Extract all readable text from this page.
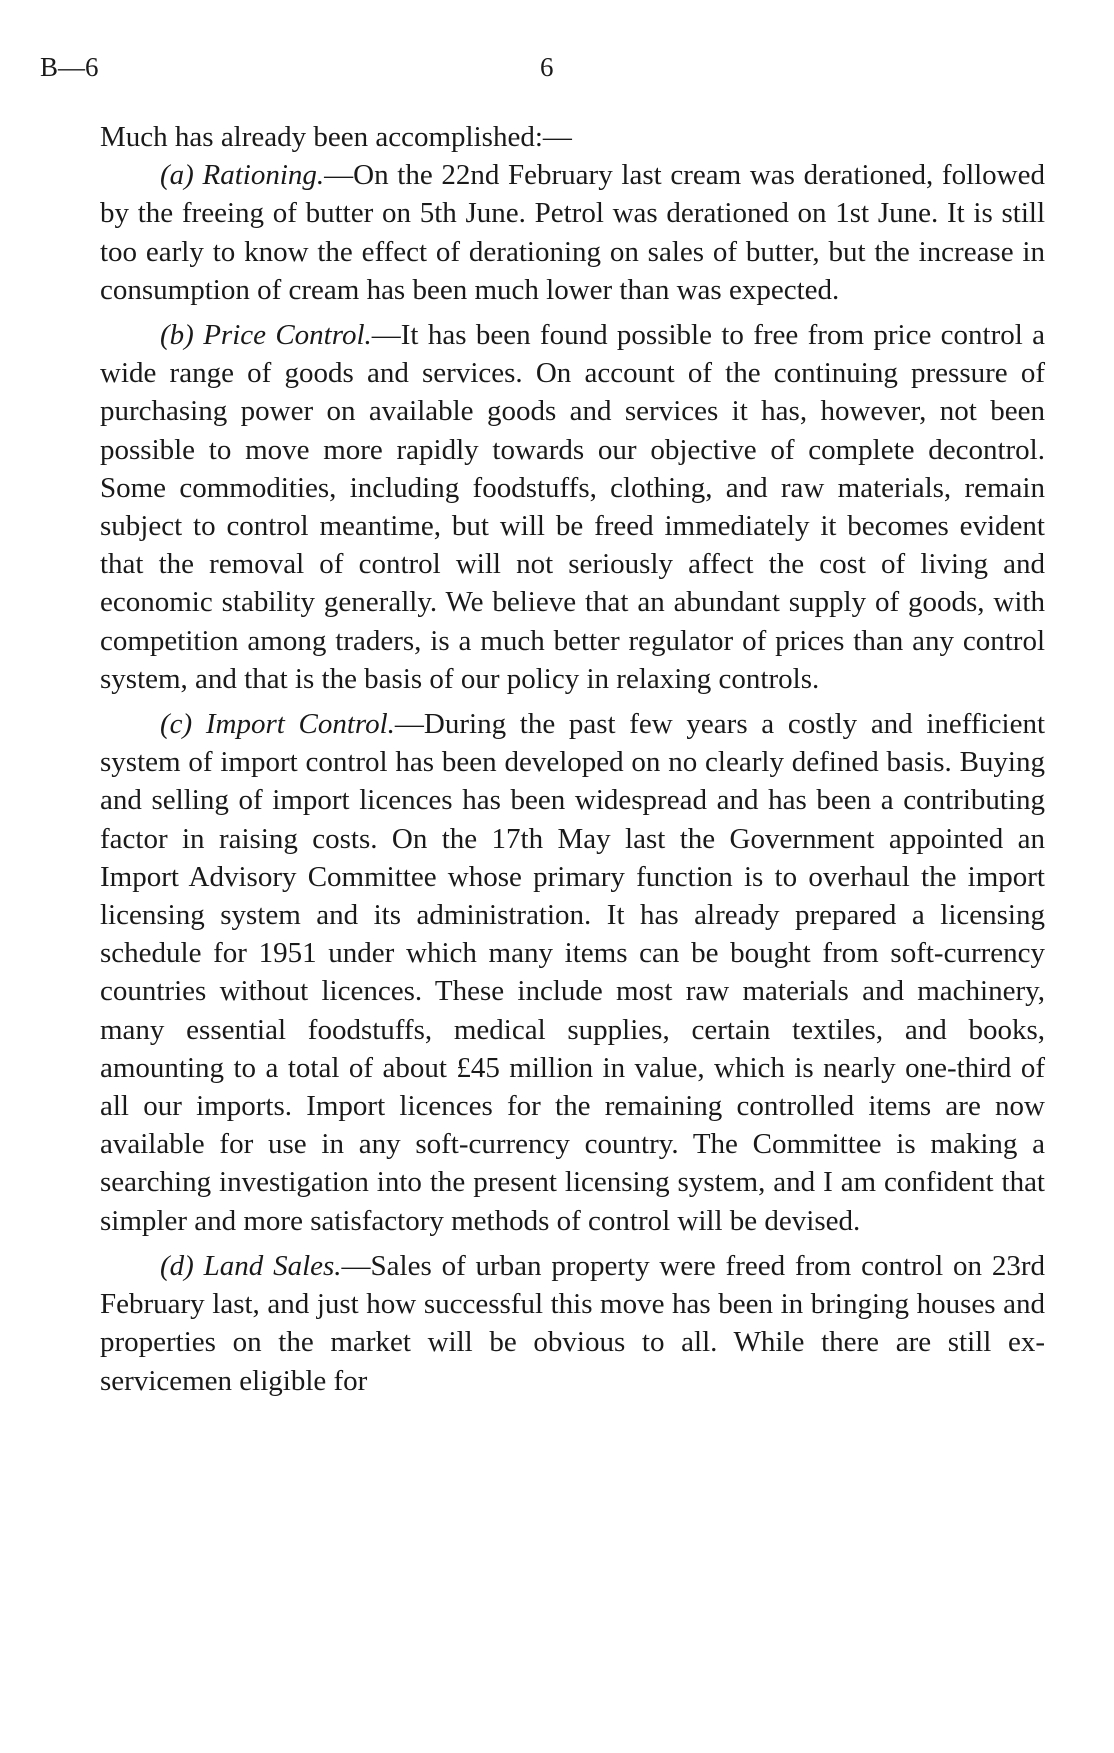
B—6	6

Much has already been accomplished:—

(a) Rationing.—On the 22nd February last cream was derationed, followed by the freeing of butter on 5th June. Petrol was derationed on 1st June. It is still too early to know the effect of derationing on sales of butter, but the increase in consumption of cream has been much lower than was expected.

(b) Price Control.—It has been found possible to free from price control a wide range of goods and services. On account of the continuing pressure of purchasing power on available goods and services it has, however, not been possible to move more rapidly towards our objective of complete decontrol. Some commodities, including foodstuffs, clothing, and raw materials, remain subject to control meantime, but will be freed immediately it becomes evident that the removal of control will not seriously affect the cost of living and economic stability generally. We believe that an abundant supply of goods, with competition among traders, is a much better regulator of prices than any control system, and that is the basis of our policy in relaxing controls.

(c) Import Control.—During the past few years a costly and inefficient system of import control has been developed on no clearly defined basis. Buying and selling of import licences has been widespread and has been a contributing factor in raising costs. On the 17th May last the Government appointed an Import Advisory Committee whose primary function is to overhaul the import licensing system and its administration. It has already prepared a licensing schedule for 1951 under which many items can be bought from soft-currency countries without licences. These include most raw materials and machinery, many essential foodstuffs, medical supplies, certain textiles, and books, amounting to a total of about £45 million in value, which is nearly one-third of all our imports. Import licences for the remaining controlled items are now available for use in any soft-currency country. The Committee is making a searching investigation into the present licensing system, and I am confident that simpler and more satisfactory methods of control will be devised.

(d) Land Sales.—Sales of urban property were freed from control on 23rd February last, and just how successful this move has been in bringing houses and properties on the market will be obvious to all. While there are still ex-servicemen eligible for
